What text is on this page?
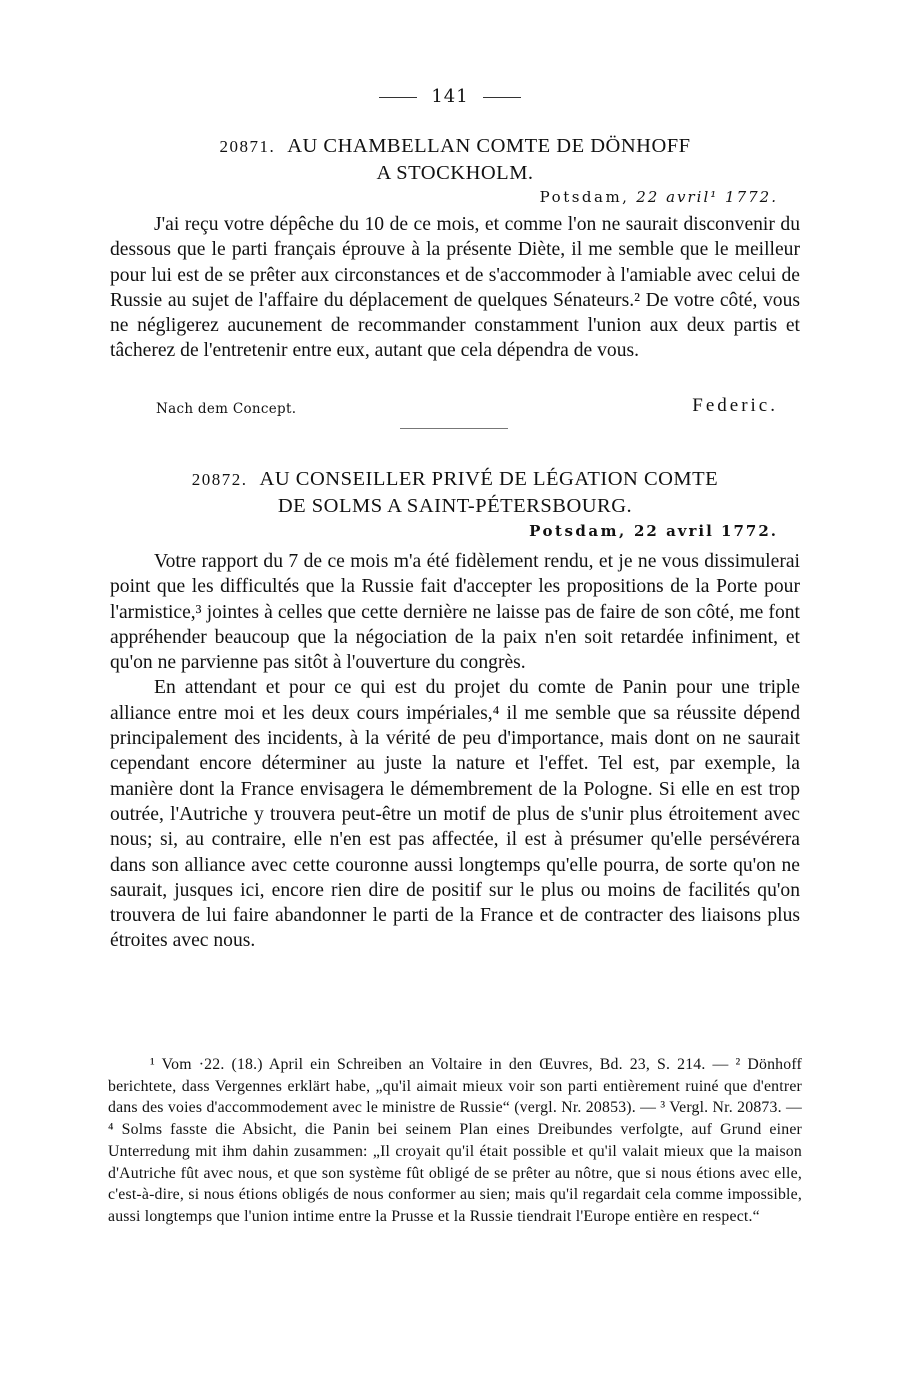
141
20871. AU CHAMBELLAN COMTE DE DÖNHOFF
A STOCKHOLM.
Potsdam, 22 avril¹ 1772.

J'ai reçu votre dépêche du 10 de ce mois, et comme l'on ne saurait disconvenir du dessous que le parti français éprouve à la présente Diète, il me semble que le meilleur pour lui est de se prêter aux circonstances et de s'accommoder à l'amiable avec celui de Russie au sujet de l'affaire du déplacement de quelques Sénateurs.² De votre côté, vous ne négligerez aucunement de recommander constamment l'union aux deux partis et tâcherez de l'entretenir entre eux, autant que cela dépendra de vous.

Nach dem Concept.	Federic.
20872. AU CONSEILLER PRIVÉ DE LÉGATION COMTE
DE SOLMS A SAINT-PÉTERSBOURG.
Potsdam, 22 avril 1772.

Votre rapport du 7 de ce mois m'a été fidèlement rendu, et je ne vous dissimulerai point que les difficultés que la Russie fait d'accepter les propositions de la Porte pour l'armistice,³ jointes à celles que cette dernière ne laisse pas de faire de son côté, me font appréhender beaucoup que la négociation de la paix n'en soit retardée infiniment, et qu'on ne parvienne pas sitôt à l'ouverture du congrès.

En attendant et pour ce qui est du projet du comte de Panin pour une triple alliance entre moi et les deux cours impériales,⁴ il me semble que sa réussite dépend principalement des incidents, à la vérité de peu d'importance, mais dont on ne saurait cependant encore déterminer au juste la nature et l'effet. Tel est, par exemple, la manière dont la France envisagera le démembrement de la Pologne. Si elle en est trop outrée, l'Autriche y trouvera peut-être un motif de plus de s'unir plus étroitement avec nous; si, au contraire, elle n'en est pas affectée, il est à présumer qu'elle persévérera dans son alliance avec cette couronne aussi longtemps qu'elle pourra, de sorte qu'on ne saurait, jusques ici, encore rien dire de positif sur le plus ou moins de facilités qu'on trouvera de lui faire abandonner le parti de la France et de contracter des liaisons plus étroites avec nous.

¹ Vom ·22. (18.) April ein Schreiben an Voltaire in den Œuvres, Bd. 23, S. 214. — ² Dönhoff berichtete, dass Vergennes erklärt habe, „qu'il aimait mieux voir son parti entièrement ruiné que d'entrer dans des voies d'accommodement avec le ministre de Russie“ (vergl. Nr. 20853). — ³ Vergl. Nr. 20873. — ⁴ Solms fasste die Absicht, die Panin bei seinem Plan eines Dreibundes verfolgte, auf Grund einer Unterredung mit ihm dahin zusammen: „Il croyait qu'il était possible et qu'il valait mieux que la maison d'Autriche fût avec nous, et que son système fût obligé de se prêter au nôtre, que si nous étions avec elle, c'est-à-dire, si nous étions obligés de nous conformer au sien; mais qu'il regardait cela comme impossible, aussi longtemps que l'union intime entre la Prusse et la Russie tiendrait l'Europe entière en respect.“
